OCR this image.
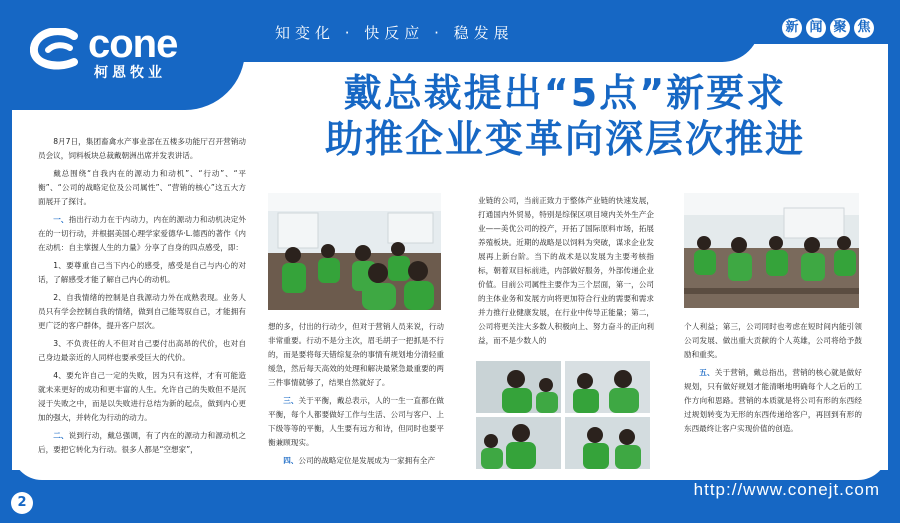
cone
柯恩牧业
知变化 · 快反应 · 稳发展	新 闻 聚 焦
戴总裁提出“5点”新要求
助推企业变革向深层次推进

8月7日，集团畜禽水产事业部在五楼多功能厅召开营销动员会议，饲料板块总裁戴朝洲出席并发表讲话。

戴总围绕“自我内在的源动力和动机”、“行动”、“平衡”、“公司的战略定位及公司属性”、“营销的核心”这五大方面展开了探讨。

一、指出行动力在于内动力，内在的源动力和动机决定外在的一切行动，并根据美国心理学家爱德华·L.德西的著作《内在动机：自主掌握人生的力量》分享了自身的四点感受，即：

1、要尊重自己当下内心的感受，感受是自己与内心的对话，了解感受才能了解自己内心的动机。

2、自我情绪的控制是自我源动力外在成熟表现。业务人员只有学会控制自我的情绪，做到自己能驾驭自己，才能拥有更广泛的客户群体，提升客户层次。

3、不负责任的人不但对自己要付出高昂的代价，也对自己身边最亲近的人同样也要承受巨大的代价。

4、要允许自己一定的失败，因为只有这样，才有可能造就未来更好的成功和更丰富的人生。允许自己的失败但不是沉浸于失败之中，而是以失败进行总结为新的起点，做到内心更加的强大，并转化为行动的动力。

二、说到行动，戴总强调，有了内在的源动力和源动机之后，要把它转化为行动。很多人都是“空想家”，

想的多，付出的行动少，但对于营销人员来说，行动非常重要。行动不是分主次，眉毛胡子一把抓是不行的，而是要将每天错综复杂的事情有规划地分清轻重缓急，然后每天高效的处理和解决最紧急最重要的两三件事情就够了，结果自然就好了。

三、关于平衡，戴总表示，人的一生一直都在做平衡，每个人都要做好工作与生活、公司与客户、上下级等等的平衡，人生要有远方和诗，但同时也要平衡兼顾现实。

四、公司的战略定位是发展成为一家拥有全产

业链的公司，当前正致力于整体产业链的快速发展，打通国内外贸易，特别是综保区项目境内关外生产企业——美优公司的投产，开拓了国际原料市场，拓展养殖板块。近期的战略是以饲料为突破，谋求企业发展再上新台阶。当下的战术是以发展为主要考核指标，朝着双目标前进，内部做好服务，外部传递企业价值。目前公司属性主要作为三个层面，第一，公司的主体业务和发展方向将更加符合行业的需要和需求并力推行业健康发展，在行业中传导正能量；第二，公司将更关注大多数人积极向上、努力奋斗的正向利益，而不是少数人的

个人利益；第三，公司同时也考虑在短时间内能引领公司发展、做出重大贡献的个人英雄，公司将给予鼓励和重奖。

五、关于营销，戴总指出，营销的核心就是做好规划，只有做好规划才能清晰地明确每个人之后的工作方向和思路。营销的本质就是将公司有形的东西经过规划转变为无形的东西传递给客户，再回到有形的东西最终让客户实现价值的创造。

2
http://www.conejt.com
